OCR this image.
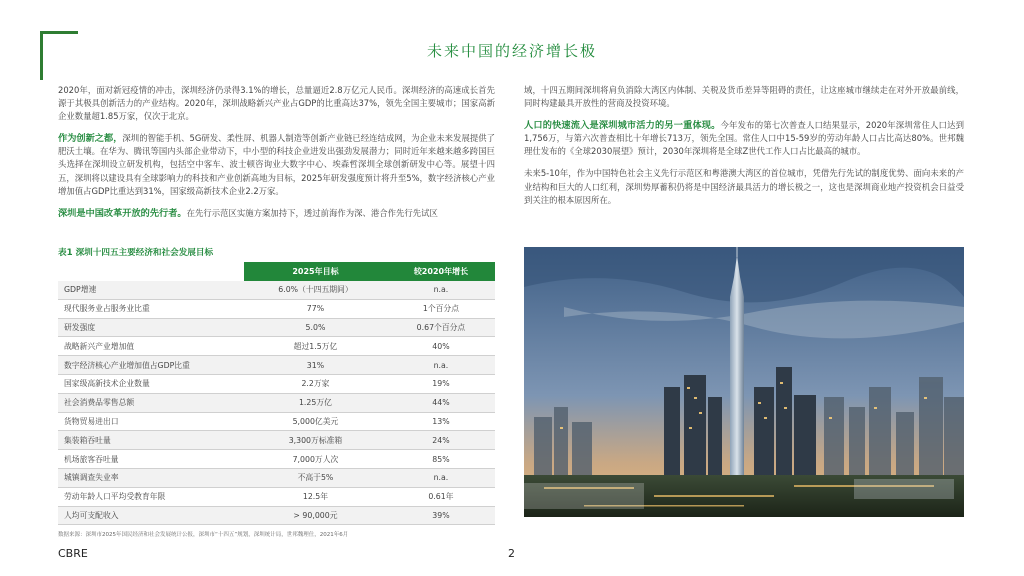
未来中国的经济增长极

2020年，面对新冠疫情的冲击，深圳经济仍录得3.1%的增长，总量逼近2.8万亿元人民币。深圳经济的高速成长首先源于其极具创新活力的产业结构。2020年，深圳战略新兴产业占GDP的比重高达37%，领先全国主要城市；国家高新企业数量超1.85万家，仅次于北京。

作为创新之都，深圳的智能手机、5G研发、柔性屏、机器人制造等创新产业链已经连结成网，为企业未来发展提供了肥沃土壤。在华为、腾讯等国内头部企业带动下，中小型的科技企业进发出强劲发展潜力；同时近年来越来越多跨国巨头选择在深圳设立研发机构，包括空中客车、波士顿咨询业大数字中心、埃森哲深圳全球创新研发中心等。展望十四五，深圳将以建设具有全球影响力的科技和产业创新高地为目标，2025年研发强度预计将升至5%，数字经济核心产业增加值占GDP比重达到31%，国家级高新技术企业2.2万家。

深圳是中国改革开放的先行者。在先行示范区实施方案加持下，透过前海作为深、港合作先行先试区

表1 深圳十四五主要经济和社会发展目标
	2025年目标	较2020年增长
GDP增速	6.0%（十四五期间）	n.a.
现代服务业占服务业比重	77%	1个百分点
研发强度	5.0%	0.67个百分点
战略新兴产业增加值	超过1.5万亿	40%
数字经济核心产业增加值占GDP比重	31%	n.a.
国家级高新技术企业数量	2.2万家	19%
社会消费品零售总额	1.25万亿	44%
货物贸易进出口	5,000亿美元	13%
集装箱吞吐量	3,300万标准箱	24%
机场旅客吞吐量	7,000万人次	85%
城镇调查失业率	不高于5%	n.a.
劳动年龄人口平均受教育年限	12.5年	0.61年
人均可支配收入	> 90,000元	39%
数据来源：深圳市2025年国民经济和社会发展统计公报，深圳市“十四五”规划，深圳统计局，世邦魏理仕，2021年6月

域，十四五期间深圳将肩负消除大湾区内体制、关税及货币差异等阻碍的责任，让这座城市继续走在对外开放最前线，同时构建最具开放性的营商及投资环境。

人口的快速流入是深圳城市活力的另一重体现。今年发布的第七次普查人口结果显示，2020年深圳常住人口达到1,756万，与第六次普查相比十年增长713万，领先全国。常住人口中15-59岁的劳动年龄人口占比高达80%。世邦魏理仕发布的《全球2030展望》预计，2030年深圳将是全球Z世代工作人口占比最高的城市。

未来5-10年，作为中国特色社会主义先行示范区和粤港澳大湾区的首位城市，凭借先行先试的制度优势、面向未来的产业结构和巨大的人口红利，深圳势厚蓄积仍将是中国经济最具活力的增长极之一，这也是深圳商业地产投资机会日益受到关注的根本原因所在。

CBRE	2
